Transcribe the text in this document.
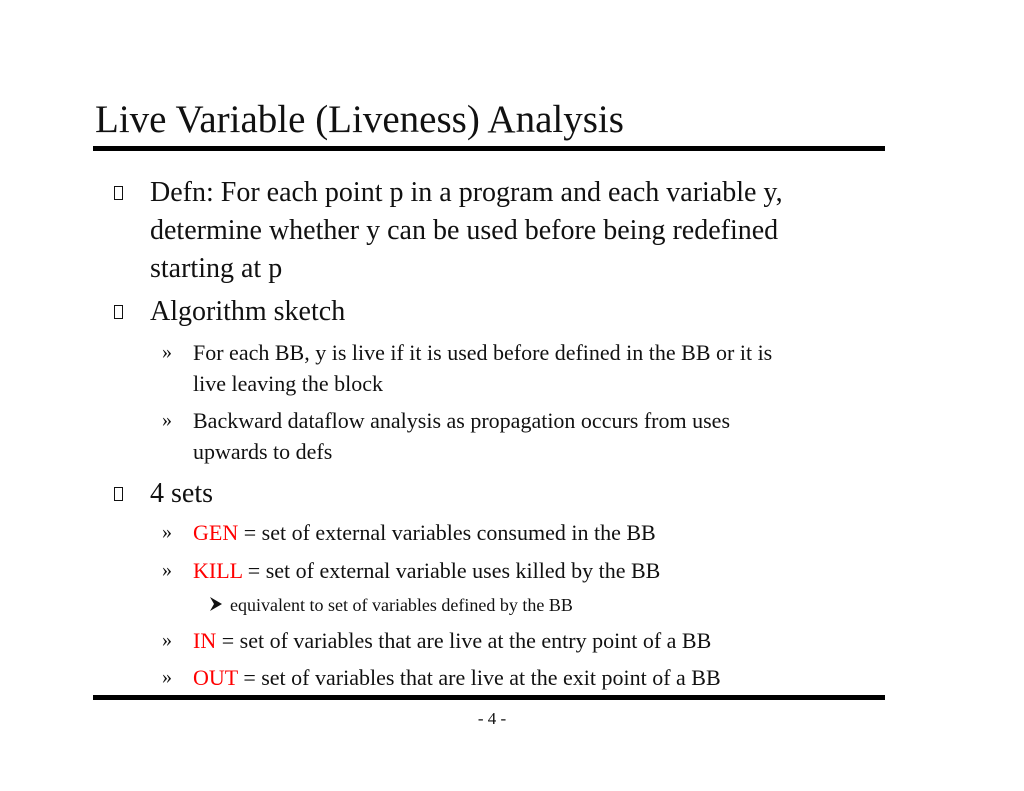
Live Variable (Liveness) Analysis
Defn: For each point p in a program and each variable y,
determine whether y can be used before being redefined
starting at p
Algorithm sketch
» For each BB, y is live if it is used before defined in the BB or it is
live leaving the block
» Backward dataflow analysis as propagation occurs from uses
upwards to defs
4 sets
» GEN = set of external variables consumed in the BB
» KILL = set of external variable uses killed by the BB
equivalent to set of variables defined by the BB
» IN = set of variables that are live at the entry point of a BB
» OUT = set of variables that are live at the exit point of a BB
- 4 -
